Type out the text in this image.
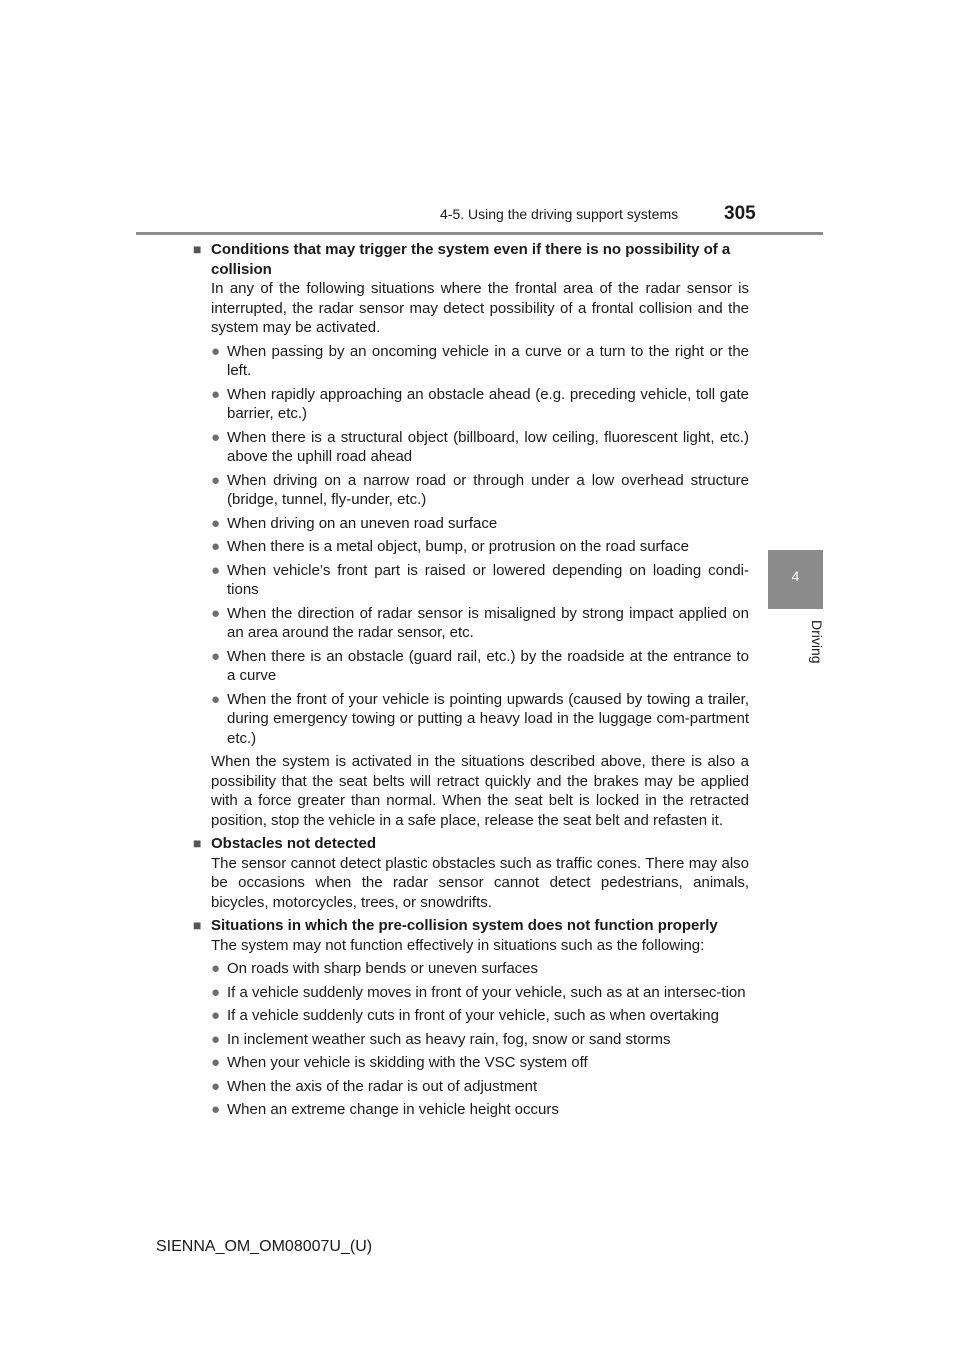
4-5. Using the driving support systems 305
4
Driving
■ Conditions that may trigger the system even if there is no possibility of a collision

In any of the following situations where the frontal area of the radar sensor is interrupted, the radar sensor may detect possibility of a frontal collision and the system may be activated.

● When passing by an oncoming vehicle in a curve or a turn to the right or the left.
● When rapidly approaching an obstacle ahead (e.g. preceding vehicle, toll gate barrier, etc.)
● When there is a structural object (billboard, low ceiling, fluorescent light, etc.) above the uphill road ahead
● When driving on a narrow road or through under a low overhead structure (bridge, tunnel, fly-under, etc.)
● When driving on an uneven road surface
● When there is a metal object, bump, or protrusion on the road surface
● When vehicle’s front part is raised or lowered depending on loading condi-tions
● When the direction of radar sensor is misaligned by strong impact applied on an area around the radar sensor, etc.
● When there is an obstacle (guard rail, etc.) by the roadside at the entrance to a curve
● When the front of your vehicle is pointing upwards (caused by towing a trailer, during emergency towing or putting a heavy load in the luggage com-partment etc.)

When the system is activated in the situations described above, there is also a possibility that the seat belts will retract quickly and the brakes may be applied with a force greater than normal. When the seat belt is locked in the retracted position, stop the vehicle in a safe place, release the seat belt and refasten it.

■ Obstacles not detected

The sensor cannot detect plastic obstacles such as traffic cones. There may also be occasions when the radar sensor cannot detect pedestrians, animals, bicycles, motorcycles, trees, or snowdrifts.

■ Situations in which the pre-collision system does not function properly

The system may not function effectively in situations such as the following:

● On roads with sharp bends or uneven surfaces
● If a vehicle suddenly moves in front of your vehicle, such as at an intersec-tion
● If a vehicle suddenly cuts in front of your vehicle, such as when overtaking
● In inclement weather such as heavy rain, fog, snow or sand storms
● When your vehicle is skidding with the VSC system off
● When the axis of the radar is out of adjustment
● When an extreme change in vehicle height occurs
SIENNA_OM_OM08007U_(U)
